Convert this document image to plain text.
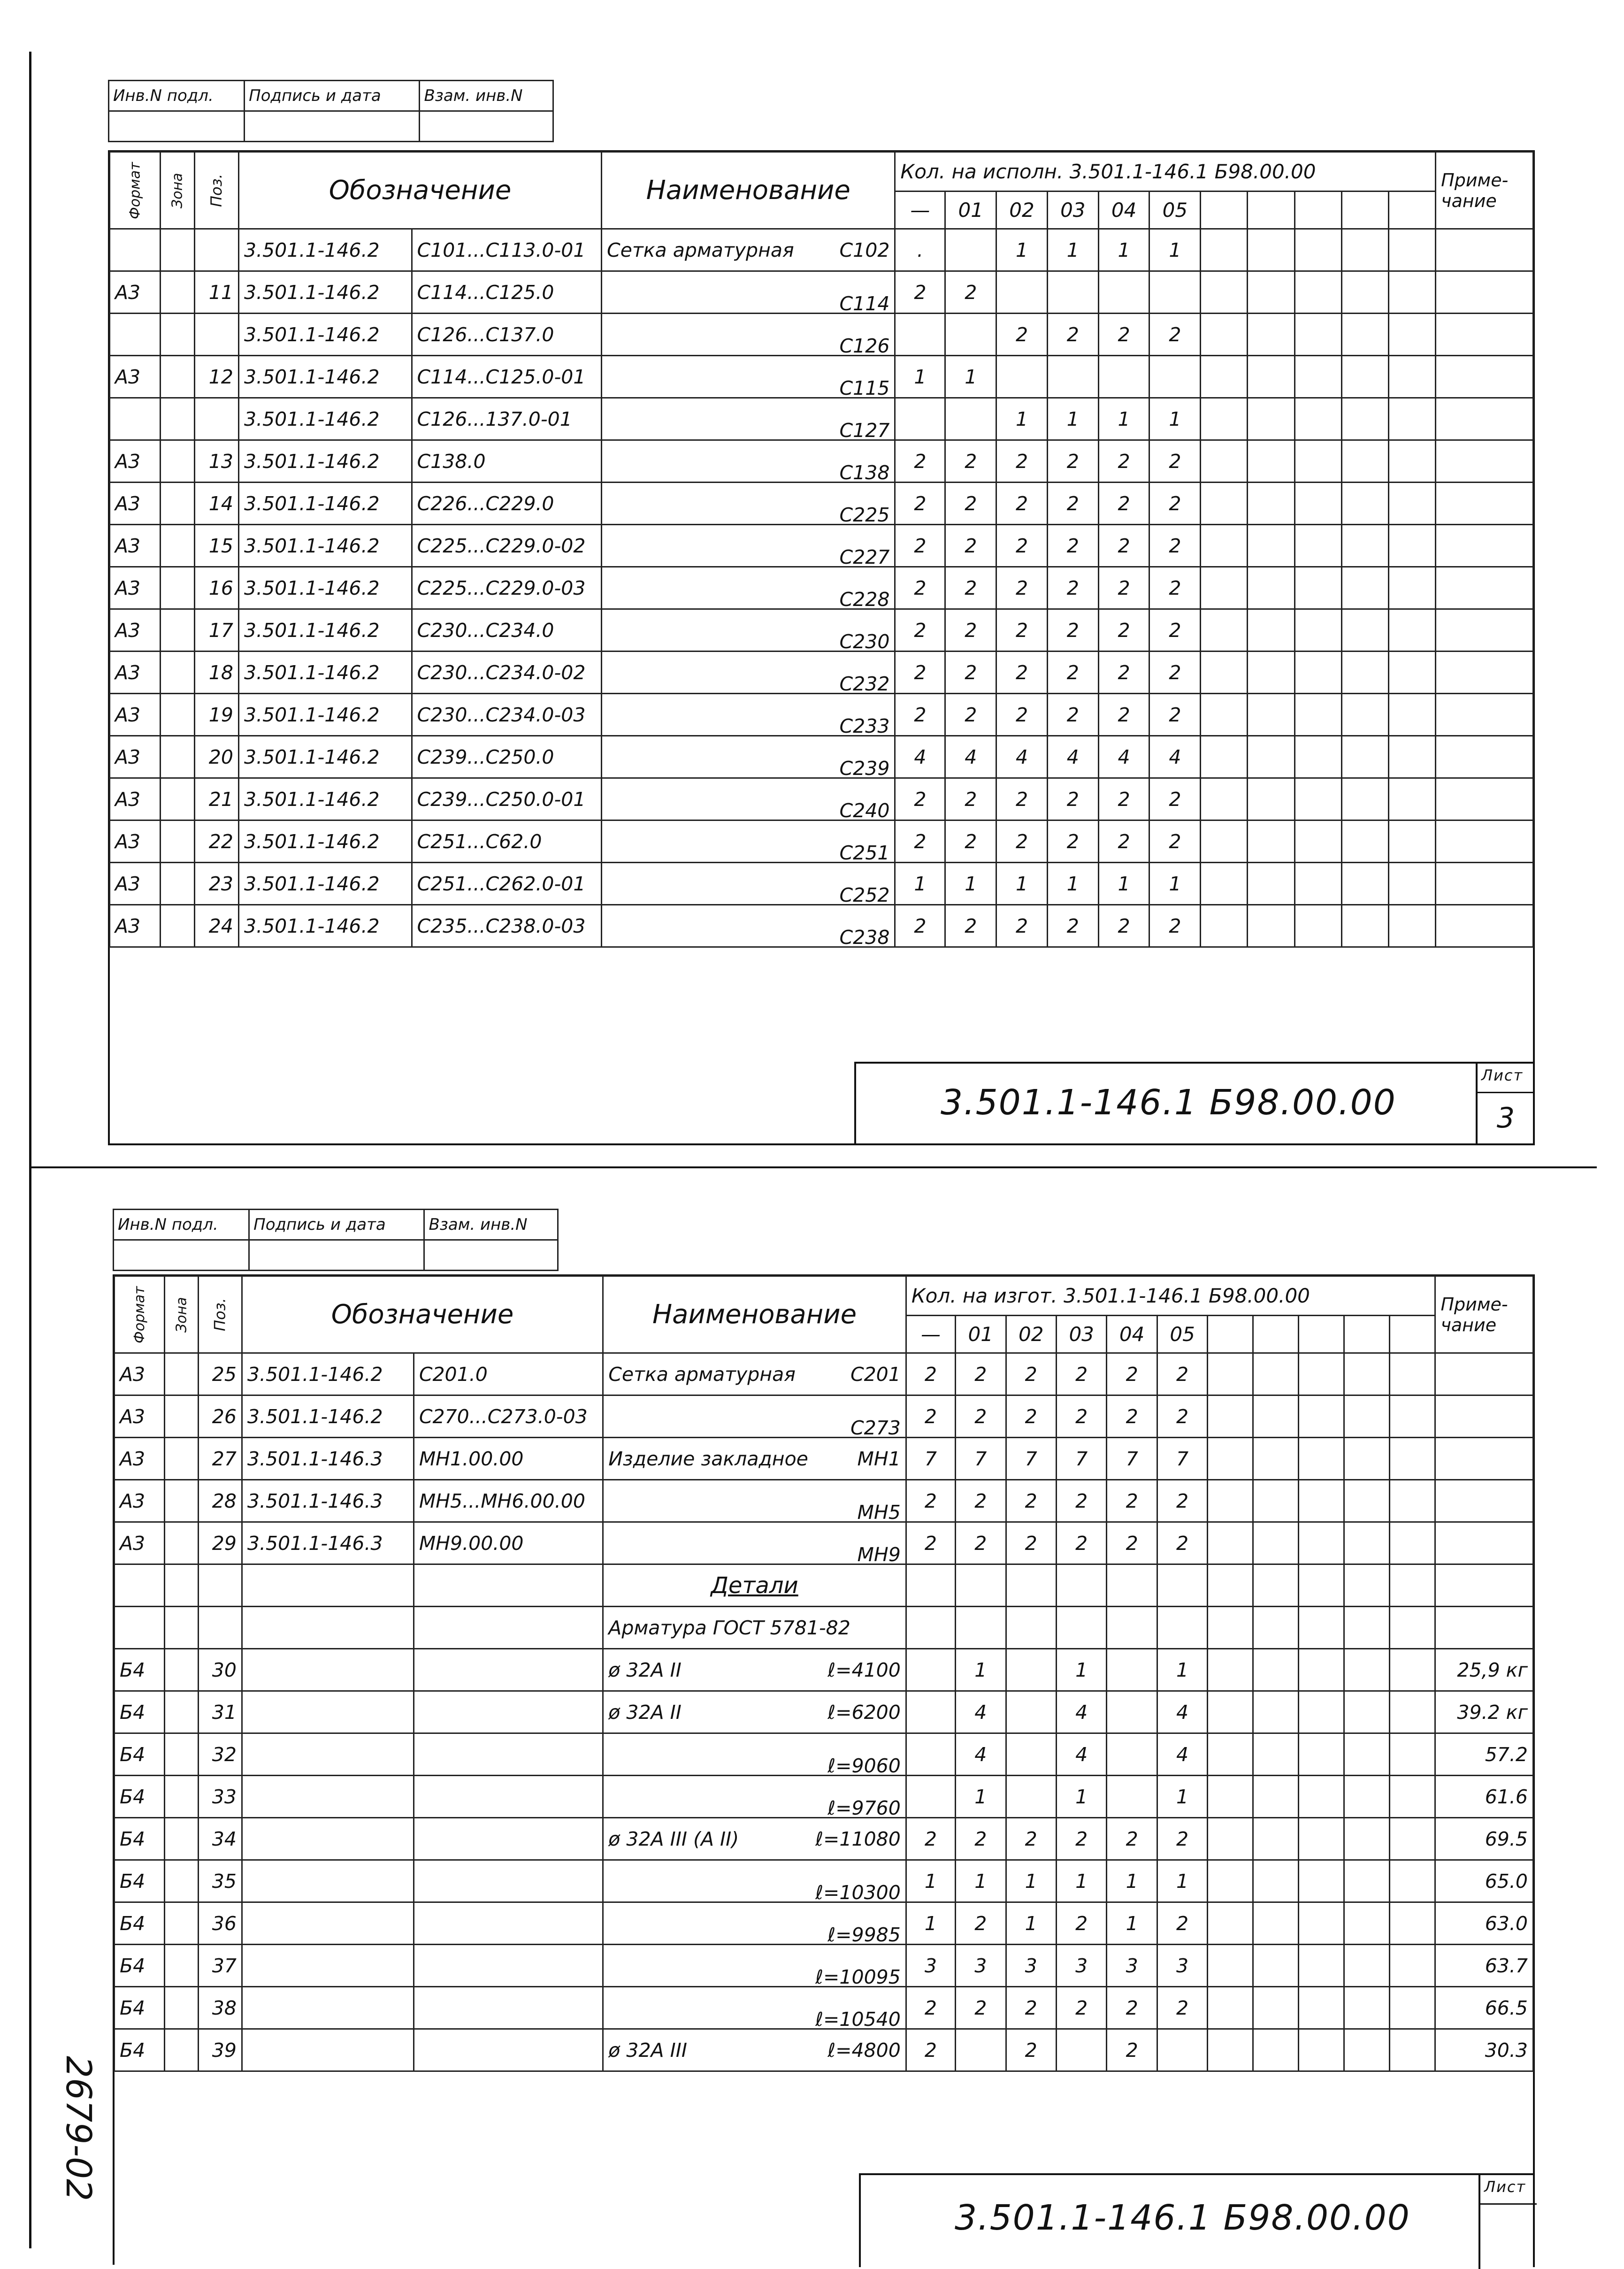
Инв.N подл.	Подпись и дата	Взам. инв.N

Формат	Зона	Поз.	Обозначение		Наименование	Кол. на исполн. 3.501.1-146.1 Б98.00.00											Приме-чание
						—	01	02	03	04	05						
			3.501.1-146.2	С101...С113.0-01	Сетка арматурная С102	.		1	1	1	1						
А3		11	3.501.1-146.2	С114...С125.0	С114	2	2										
			3.501.1-146.2	С126...С137.0	С126			2	2	2	2						
А3		12	3.501.1-146.2	С114...С125.0-01	С115	1	1										
			3.501.1-146.2	С126...137.0-01	С127			1	1	1	1						
А3		13	3.501.1-146.2	С138.0	С138	2	2	2	2	2	2						
А3		14	3.501.1-146.2	С226...С229.0	С225	2	2	2	2	2	2						
А3		15	3.501.1-146.2	С225...С229.0-02	С227	2	2	2	2	2	2						
А3		16	3.501.1-146.2	С225...С229.0-03	С228	2	2	2	2	2	2						
А3		17	3.501.1-146.2	С230...С234.0	С230	2	2	2	2	2	2						
А3		18	3.501.1-146.2	С230...С234.0-02	С232	2	2	2	2	2	2						
А3		19	3.501.1-146.2	С230...С234.0-03	С233	2	2	2	2	2	2						
А3		20	3.501.1-146.2	С239...С250.0	С239	4	4	4	4	4	4						
А3		21	3.501.1-146.2	С239...С250.0-01	С240	2	2	2	2	2	2						
А3		22	3.501.1-146.2	С251...С62.0	С251	2	2	2	2	2	2						
А3		23	3.501.1-146.2	С251...С262.0-01	С252	1	1	1	1	1	1						
А3		24	3.501.1-146.2	С235...С238.0-03	С238	2	2	2	2	2	2						
3.501.1-146.1 Б98.00.00
Лист
3
Инв.N подл.	Подпись и дата	Взам. инв.N

Формат	Зона	Поз.	Обозначение		Наименование	Кол. на изгот. 3.501.1-146.1 Б98.00.00											Приме-чание
						—	01	02	03	04	05						
А3		25	3.501.1-146.2	С201.0	Сетка арматурная С201	2	2	2	2	2	2						
А3		26	3.501.1-146.2	С270...С273.0-03	С273	2	2	2	2	2	2						
А3		27	3.501.1-146.3	МН1.00.00	Изделие закладное МН1	7	7	7	7	7	7						
А3		28	3.501.1-146.3	МН5...МН6.00.00	МН5	2	2	2	2	2	2						
А3		29	3.501.1-146.3	МН9.00.00	МН9	2	2	2	2	2	2						
					Детали												
					Арматура ГОСТ 5781-82

Б4		30			ø 32А II ℓ=4100		1		1		1						25,9 кг
Б4		31			ø 32А II ℓ=6200		4		4		4						39.2 кг
Б4		32			ℓ=9060		4		4		4						57.2
Б4		33			ℓ=9760		1		1		1						61.6
Б4		34			ø 32А III (А II) ℓ=11080	2	2	2	2	2	2						69.5
Б4		35			ℓ=10300	1	1	1	1	1	1						65.0
Б4		36			ℓ=9985	1	2	1	2	1	2						63.0
Б4		37			ℓ=10095	3	3	3	3	3	3						63.7
Б4		38			ℓ=10540	2	2	2	2	2	2						66.5
Б4		39			ø 32А III ℓ=4800	2		2		2							30.3
3.501.1-146.1 Б98.00.00
Лист
2679-02
